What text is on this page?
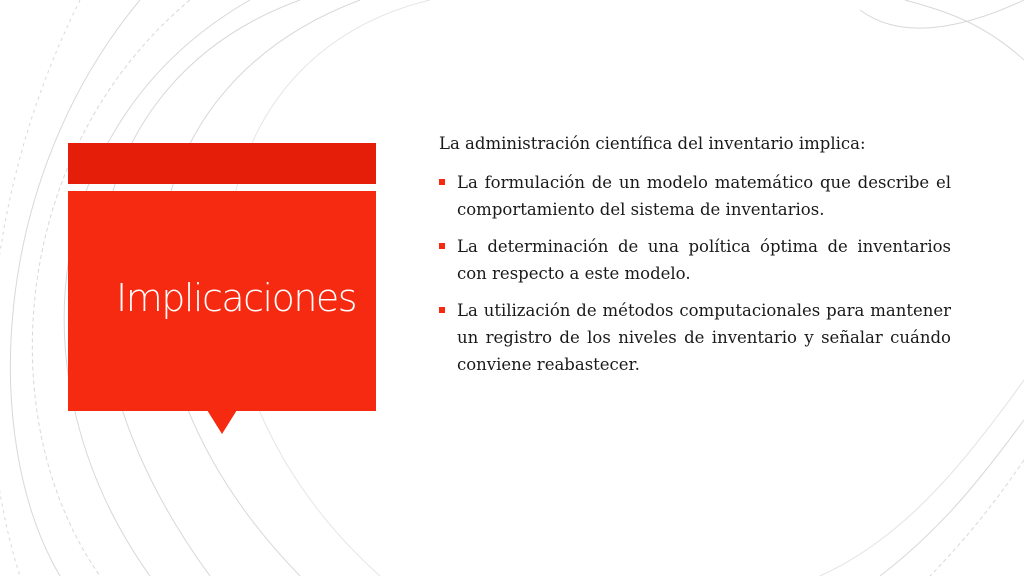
Implicaciones

La administración científica del inventario implica:

La formulación de un modelo matemático que describe el comportamiento del sistema de inventarios.
La determinación de una política óptima de inventarios con respecto a este modelo.
La utilización de métodos computacionales para mantener un registro de los niveles de inventario y señalar cuándo conviene reabastecer.
